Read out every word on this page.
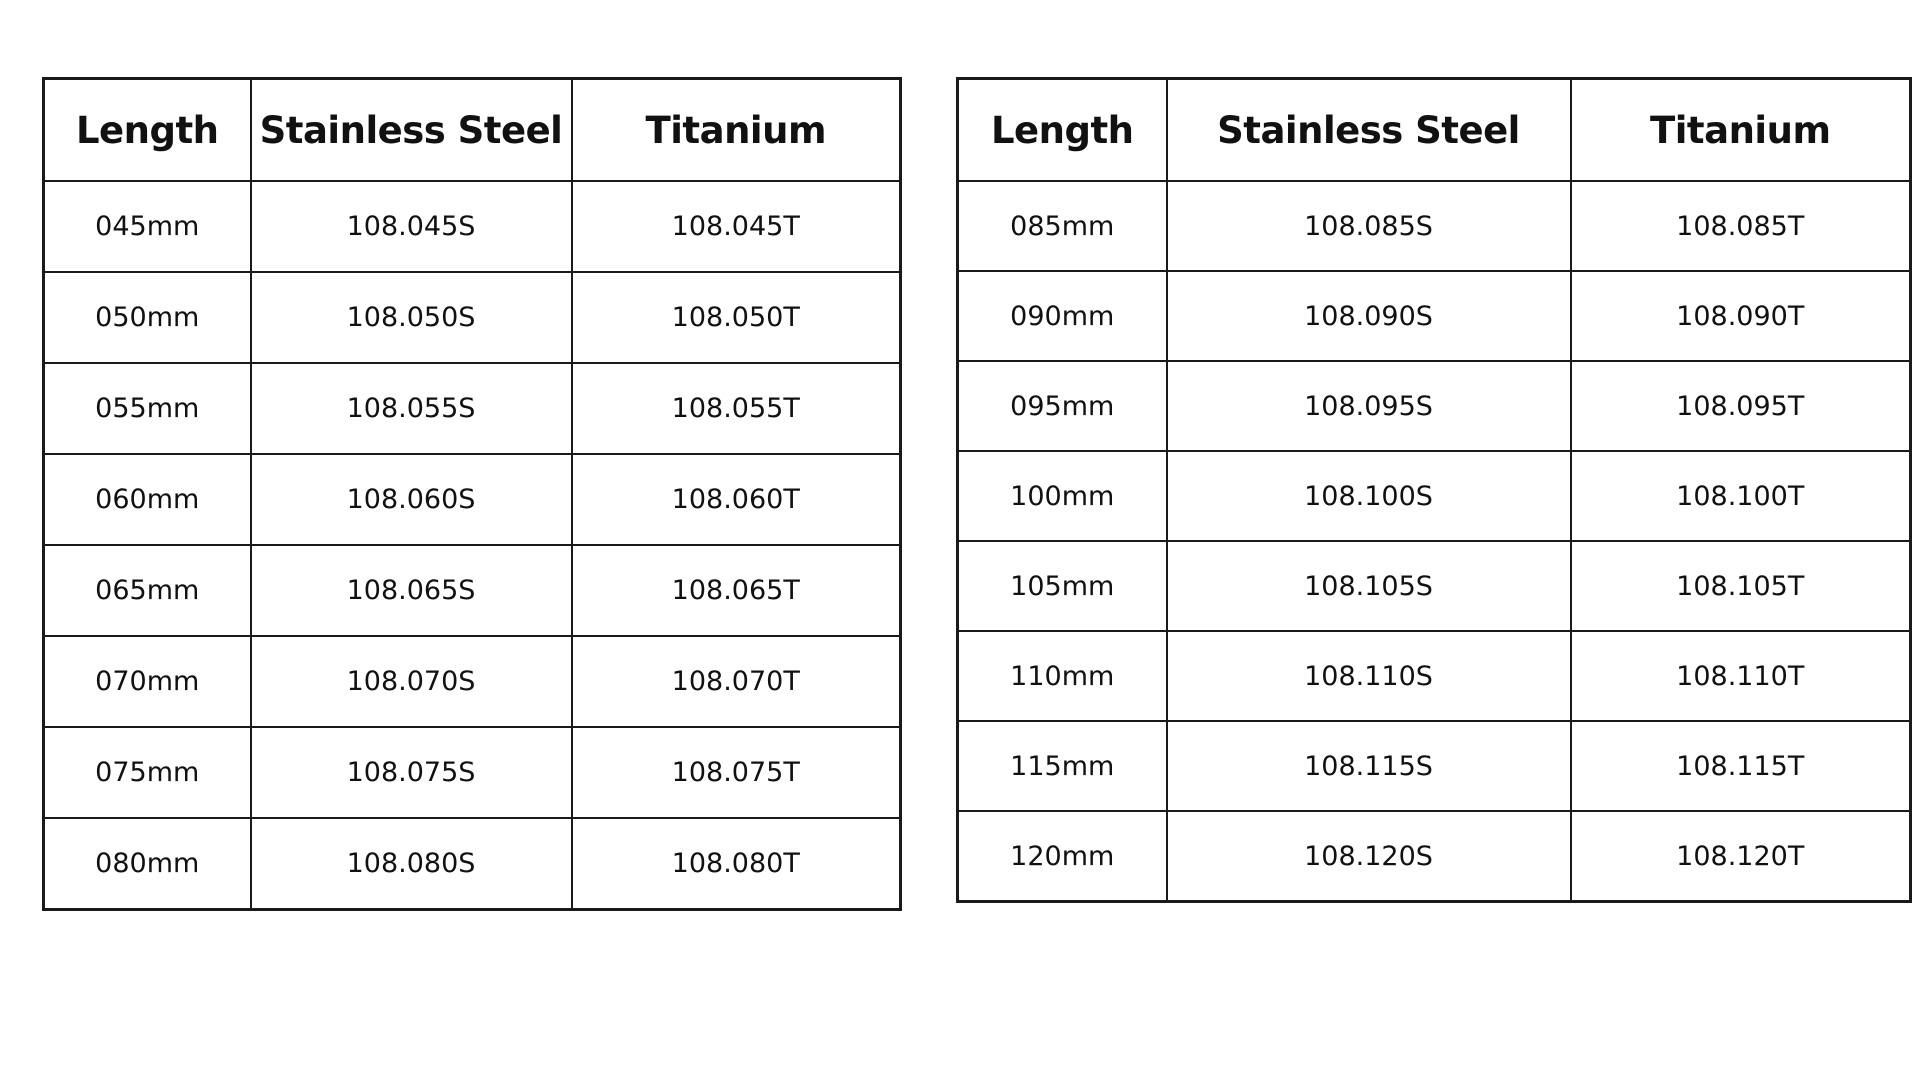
Length	Stainless Steel	Titanium
045mm	108.045S	108.045T
050mm	108.050S	108.050T
055mm	108.055S	108.055T
060mm	108.060S	108.060T
065mm	108.065S	108.065T
070mm	108.070S	108.070T
075mm	108.075S	108.075T
080mm	108.080S	108.080T
Length	Stainless Steel	Titanium
085mm	108.085S	108.085T
090mm	108.090S	108.090T
095mm	108.095S	108.095T
100mm	108.100S	108.100T
105mm	108.105S	108.105T
110mm	108.110S	108.110T
115mm	108.115S	108.115T
120mm	108.120S	108.120T
